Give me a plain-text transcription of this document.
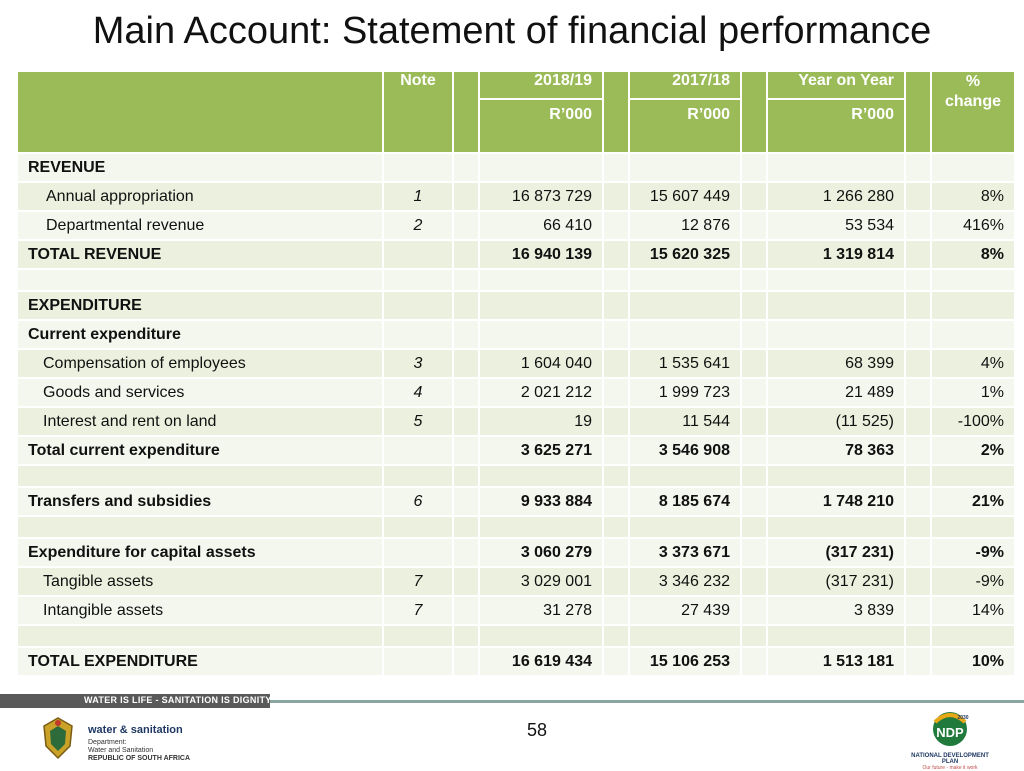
Main Account: Statement of financial performance
	Note		2018/19		2017/18		Year on Year		% change
			R’000		R’000		R’000		
REVENUE									
Annual appropriation	1		16 873 729		15 607 449		1 266 280		8%
Departmental revenue	2		66 410		12 876		53 534		416%
TOTAL REVENUE			16 940 139		15 620 325		1 319 814		8%

EXPENDITURE									
Current expenditure									
Compensation of employees	3		1 604 040		1 535 641		68 399		4%
Goods and services	4		2 021 212		1 999 723		21 489		1%
Interest and rent on land	5		19		11 544		(11 525)		-100%
Total current expenditure			3 625 271		3 546 908		78 363		2%

Transfers and subsidies	6		9 933 884		8 185 674		1 748 210		21%

Expenditure for capital assets			3 060 279		3 373 671		(317 231)		-9%
Tangible assets	7		3 029 001		3 346 232		(317 231)		-9%
Intangible assets	7		31 278		27 439		3 839		14%

TOTAL EXPENDITURE			16 619 434		15 106 253		1 513 181		10%
WATER IS LIFE - SANITATION IS DIGNITY
water & sanitation
Department:
Water and Sanitation
REPUBLIC OF SOUTH AFRICA
58	NDP
2030
NATIONAL DEVELOPMENT PLAN
Our future - make it work
